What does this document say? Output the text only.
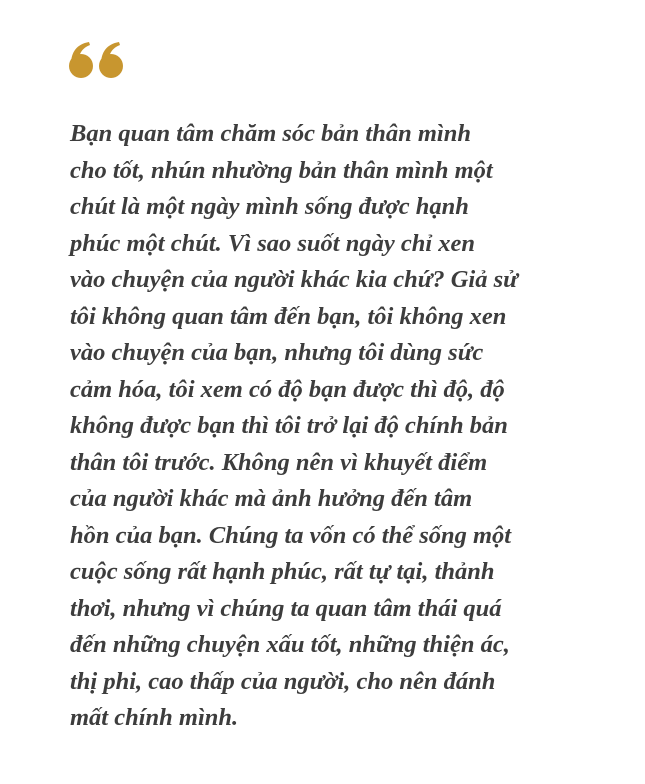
Bạn quan tâm chăm sóc bản thân mình
cho tốt, nhún nhường bản thân mình một
chút là một ngày mình sống được hạnh
phúc một chút. Vì sao suốt ngày chỉ xen
vào chuyện của người khác kia chứ? Giả sử
tôi không quan tâm đến bạn, tôi không xen
vào chuyện của bạn, nhưng tôi dùng sức
cảm hóa, tôi xem có độ bạn được thì độ, độ
không được bạn thì tôi trở lại độ chính bản
thân tôi trước. Không nên vì khuyết điểm
của người khác mà ảnh hưởng đến tâm
hồn của bạn. Chúng ta vốn có thể sống một
cuộc sống rất hạnh phúc, rất tự tại, thảnh
thơi, nhưng vì chúng ta quan tâm thái quá
đến những chuyện xấu tốt, những thiện ác,
thị phi, cao thấp của người, cho nên đánh
mất chính mình.
